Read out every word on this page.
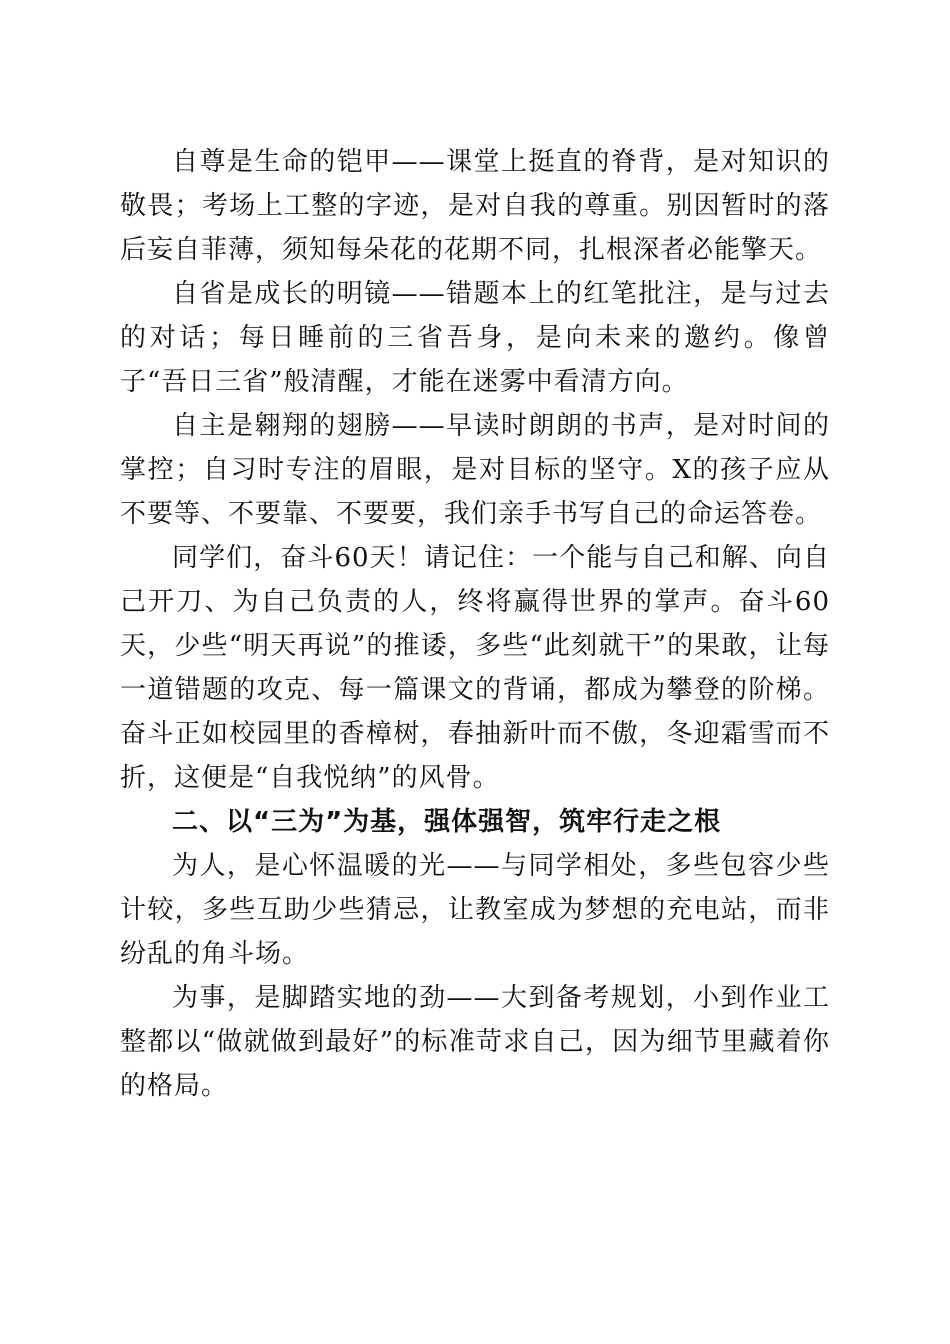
自尊是生命的铠甲——课堂上挺直的脊背，是对知识的敬畏；考场上工整的字迹，是对自我的尊重。别因暂时的落后妄自菲薄，须知每朵花的花期不同，扎根深者必能擎天。

自省是成长的明镜——错题本上的红笔批注，是与过去的对话；每日睡前的三省吾身，是向未来的邀约。像曾子“吾日三省”般清醒，才能在迷雾中看清方向。

自主是翱翔的翅膀——早读时朗朗的书声，是对时间的掌控；自习时专注的眉眼，是对目标的坚守。X的孩子应从不要等、不要靠、不要要，我们亲手书写自己的命运答卷。

同学们，奋斗60天！请记住：一个能与自己和解、向自己开刀、为自己负责的人，终将赢得世界的掌声。奋斗60天，少些“明天再说”的推诿，多些“此刻就干”的果敢，让每一道错题的攻克、每一篇课文的背诵，都成为攀登的阶梯。奋斗正如校园里的香樟树，春抽新叶而不傲，冬迎霜雪而不折，这便是“自我悦纳”的风骨。

二、以“三为”为基，强体强智，筑牢行走之根

为人，是心怀温暖的光——与同学相处，多些包容少些计较，多些互助少些猜忌，让教室成为梦想的充电站，而非纷乱的角斗场。

为事，是脚踏实地的劲——大到备考规划，小到作业工整都以“做就做到最好”的标准苛求自己，因为细节里藏着你的格局。
